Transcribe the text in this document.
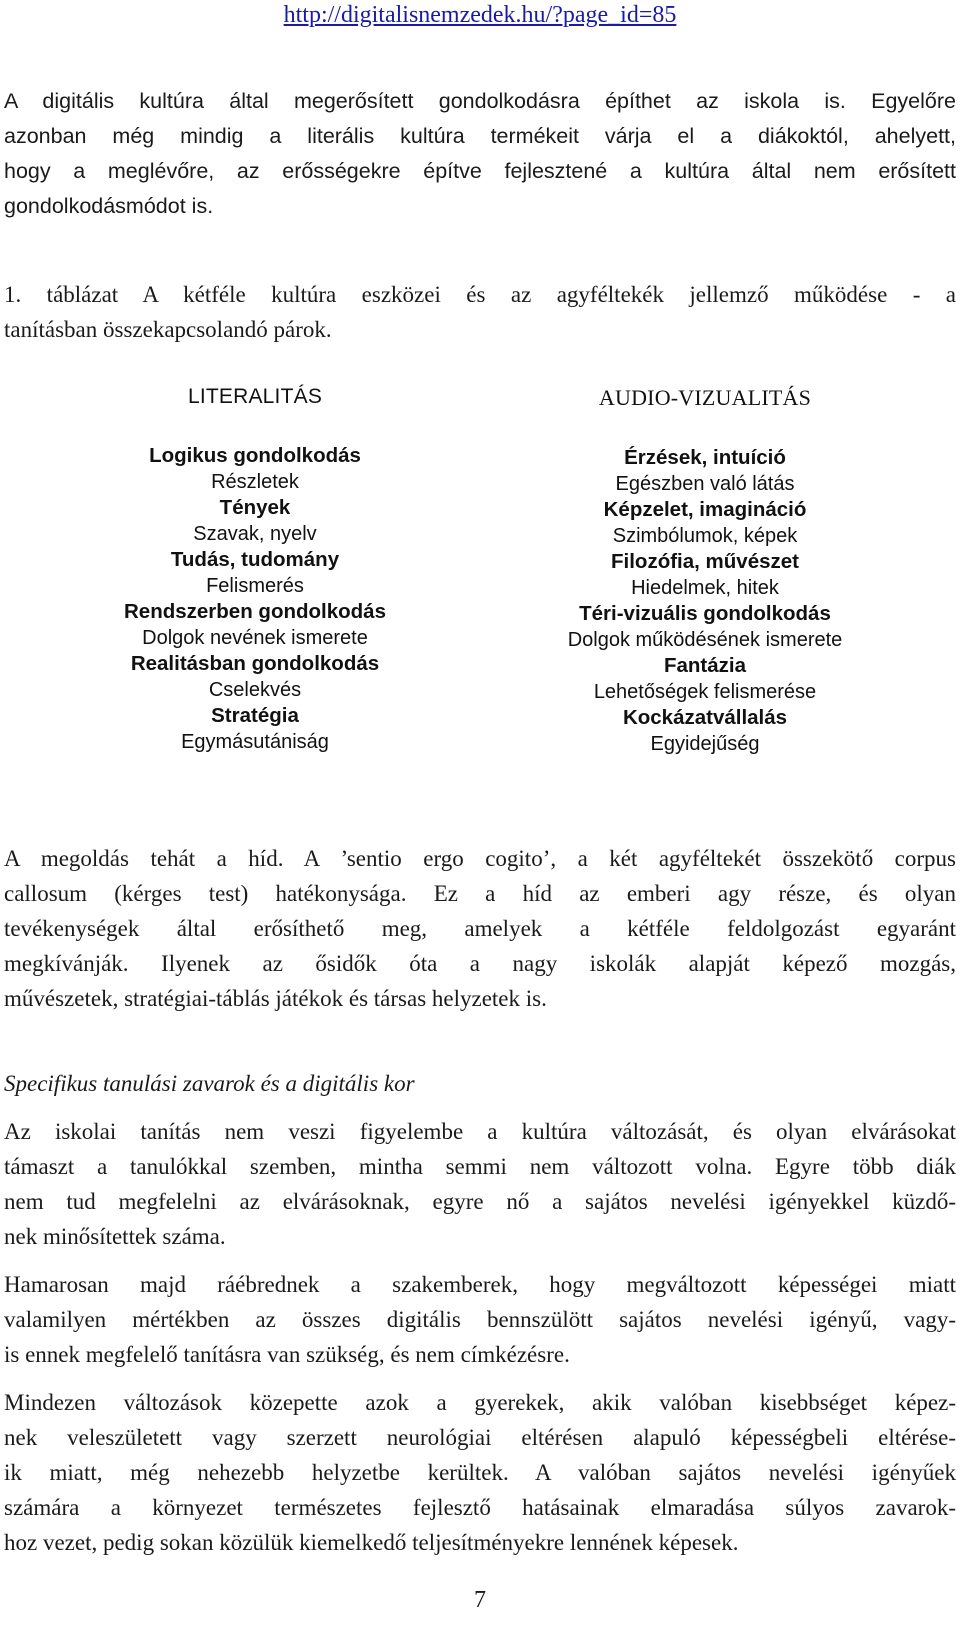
http://digitalisnemzedek.hu/?page_id=85

A digitális kultúra által megerősített gondolkodásra építhet az iskola is. Egyelőre
azonban még mindig a literális kultúra termékeit várja el a diákoktól, ahelyett,
hogy a meglévőre, az erősségekre építve fejlesztené a kultúra által nem erősített
gondolkodásmódot is.

1. táblázat A kétféle kultúra eszközei és az agyféltekék jellemző működése - a
tanításban összekapcsolandó párok.

LITERALITÁS
Logikus gondolkodás
Részletek
Tények
Szavak, nyelv
Tudás, tudomány
Felismerés
Rendszerben gondolkodás
Dolgok nevének ismerete
Realitásban gondolkodás
Cselekvés
Stratégia
Egymásutániság
AUDIO-VIZUALITÁS
Érzések, intuíció
Egészben való látás
Képzelet, imagináció
Szimbólumok, képek
Filozófia, művészet
Hiedelmek, hitek
Téri-vizuális gondolkodás
Dolgok működésének ismerete
Fantázia
Lehetőségek felismerése
Kockázatvállalás
Egyidejűség

A megoldás tehát a híd. A ’sentio ergo cogito’, a két agyféltekét összekötő corpus
callosum (kérges test) hatékonysága. Ez a híd az emberi agy része, és olyan
tevékenységek által erősíthető meg, amelyek a kétféle feldolgozást egyaránt
megkívánják. Ilyenek az ősidők óta a nagy iskolák alapját képező mozgás,
művészetek, stratégiai-táblás játékok és társas helyzetek is.

Specifikus tanulási zavarok és a digitális kor

Az iskolai tanítás nem veszi figyelembe a kultúra változását, és olyan elvárásokat
támaszt a tanulókkal szemben, mintha semmi nem változott volna. Egyre több diák
nem tud megfelelni az elvárásoknak, egyre nő a sajátos nevelési igényekkel küzdő-
nek minősítettek száma.

Hamarosan majd ráébrednek a szakemberek, hogy megváltozott képességei miatt
valamilyen mértékben az összes digitális bennszülött sajátos nevelési igényű, vagy-
is ennek megfelelő tanításra van szükség, és nem címkézésre.

Mindezen változások közepette azok a gyerekek, akik valóban kisebbséget képez-
nek veleszületett vagy szerzett neurológiai eltérésen alapuló képességbeli eltérése-
ik miatt, még nehezebb helyzetbe kerültek. A valóban sajátos nevelési igényűek
számára a környezet természetes fejlesztő hatásainak elmaradása súlyos zavarok-
hoz vezet, pedig sokan közülük kiemelkedő teljesítményekre lennének képesek.

7
